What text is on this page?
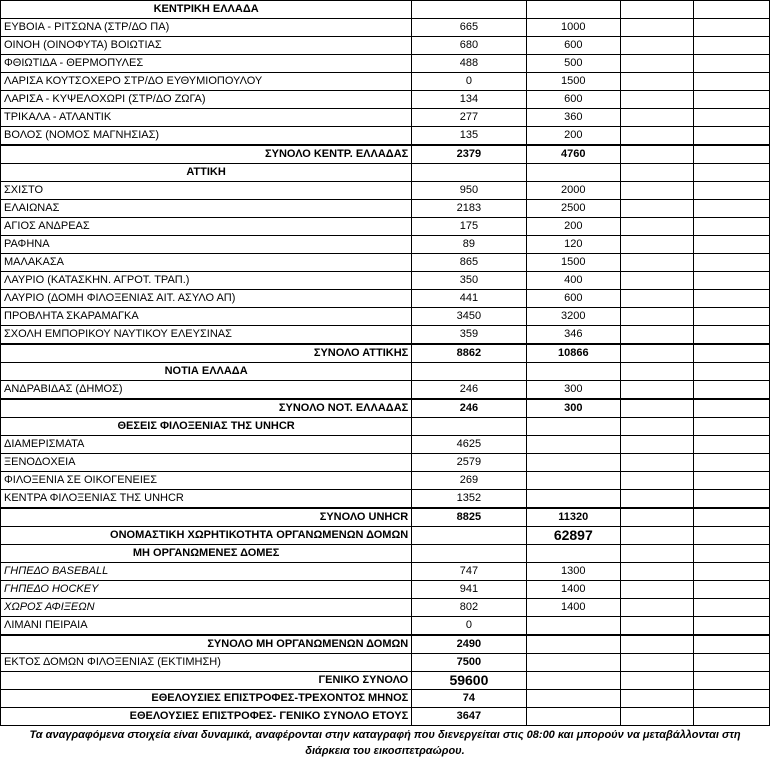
ΚΕΝΤΡΙΚΗ ΕΛΛΑΔΑ				
ΕΥΒΟΙΑ - ΡΙΤΣΩΝΑ (ΣΤΡ/ΔΟ ΠΑ)	665	1000		
ΟΙΝΟΗ (ΟΙΝΟΦΥΤΑ) ΒΟΙΩΤΙΑΣ	680	600		
ΦΘΙΩΤΙΔΑ - ΘΕΡΜΟΠΥΛΕΣ	488	500		
ΛΑΡΙΣΑ ΚΟΥΤΣΟΧΕΡΟ ΣΤΡ/ΔΟ ΕΥΘΥΜΙΟΠΟΥΛΟΥ	0	1500		
ΛΑΡΙΣΑ - ΚΥΨΕΛΟΧΩΡΙ (ΣΤΡ/ΔΟ ΖΩΓΑ)	134	600		
ΤΡΙΚΑΛΑ - ΑΤΛΑΝΤΙΚ	277	360		
ΒΟΛΟΣ (ΝΟΜΟΣ ΜΑΓΝΗΣΙΑΣ)	135	200		
ΣΥΝΟΛΟ ΚΕΝΤΡ. ΕΛΛΑΔΑΣ	2379	4760		
ΑΤΤΙΚΗ				
ΣΧΙΣΤΟ	950	2000		
ΕΛΑΙΩΝΑΣ	2183	2500		
ΑΓΙΟΣ ΑΝΔΡΕΑΣ	175	200		
ΡΑΦΗΝΑ	89	120		
ΜΑΛΑΚΑΣΑ	865	1500		
ΛΑΥΡΙΟ (ΚΑΤΑΣΚΗΝ. ΑΓΡΟΤ. ΤΡΑΠ.)	350	400		
ΛΑΥΡΙΟ (ΔΟΜΗ ΦΙΛΟΞΕΝΙΑΣ ΑΙΤ. ΑΣΥΛΟ ΑΠ)	441	600		
ΠΡΟΒΛΗΤΑ ΣΚΑΡΑΜΑΓΚΑ	3450	3200		
ΣΧΟΛΗ ΕΜΠΟΡΙΚΟΥ ΝΑΥΤΙΚΟΥ ΕΛΕΥΣΙΝΑΣ	359	346		
ΣΥΝΟΛΟ ΑΤΤΙΚΗΣ	8862	10866		
ΝΟΤΙΑ ΕΛΛΑΔΑ				
ΑΝΔΡΑΒΙΔΑΣ (ΔΗΜΟΣ)	246	300		
ΣΥΝΟΛΟ ΝΟΤ. ΕΛΛΑΔΑΣ	246	300		
ΘΕΣΕΙΣ ΦΙΛΟΞΕΝΙΑΣ ΤΗΣ UNHCR				
ΔΙΑΜΕΡΙΣΜΑΤΑ	4625			
ΞΕΝΟΔΟΧΕΙΑ	2579			
ΦΙΛΟΞΕΝΙΑ ΣΕ ΟΙΚΟΓΕΝΕΙΕΣ	269			
ΚΕΝΤΡΑ ΦΙΛΟΞΕΝΙΑΣ ΤΗΣ UNHCR	1352			
ΣΥΝΟΛΟ UNHCR	8825	11320		
ΟΝΟΜΑΣΤΙΚΗ ΧΩΡΗΤΙΚΟΤΗΤΑ ΟΡΓΑΝΩΜΕΝΩΝ ΔΟΜΩΝ		62897		
ΜΗ ΟΡΓΑΝΩΜΕΝΕΣ ΔΟΜΕΣ				
ΓΗΠΕΔΟ BASEBALL	747	1300		
ΓΗΠΕΔΟ HOCKEY	941	1400		
ΧΩΡΟΣ ΑΦΙΞΕΩΝ	802	1400		
ΛΙΜΑΝΙ ΠΕΙΡΑΙΑ	0			
ΣΥΝΟΛΟ ΜΗ ΟΡΓΑΝΩΜΕΝΩΝ ΔΟΜΩΝ	2490			
ΕΚΤΟΣ ΔΟΜΩΝ ΦΙΛΟΞΕΝΙΑΣ (ΕΚΤΙΜΗΣΗ)	7500			
ΓΕΝΙΚΟ ΣΥΝΟΛΟ	59600			
ΕΘΕΛΟΥΣΙΕΣ ΕΠΙΣΤΡΟΦΕΣ-ΤΡΕΧΟΝΤΟΣ ΜΗΝΟΣ	74			
ΕΘΕΛΟΥΣΙΕΣ ΕΠΙΣΤΡΟΦΕΣ- ΓΕΝΙΚΟ ΣΥΝΟΛΟ ΕΤΟΥΣ	3647			
Τα αναγραφόμενα στοιχεία είναι δυναμικά, αναφέρονται στην καταγραφή που διενεργείται στις 08:00 και μπορούν να μεταβάλλονται στη
διάρκεια του εικοσιτετραώρου.
